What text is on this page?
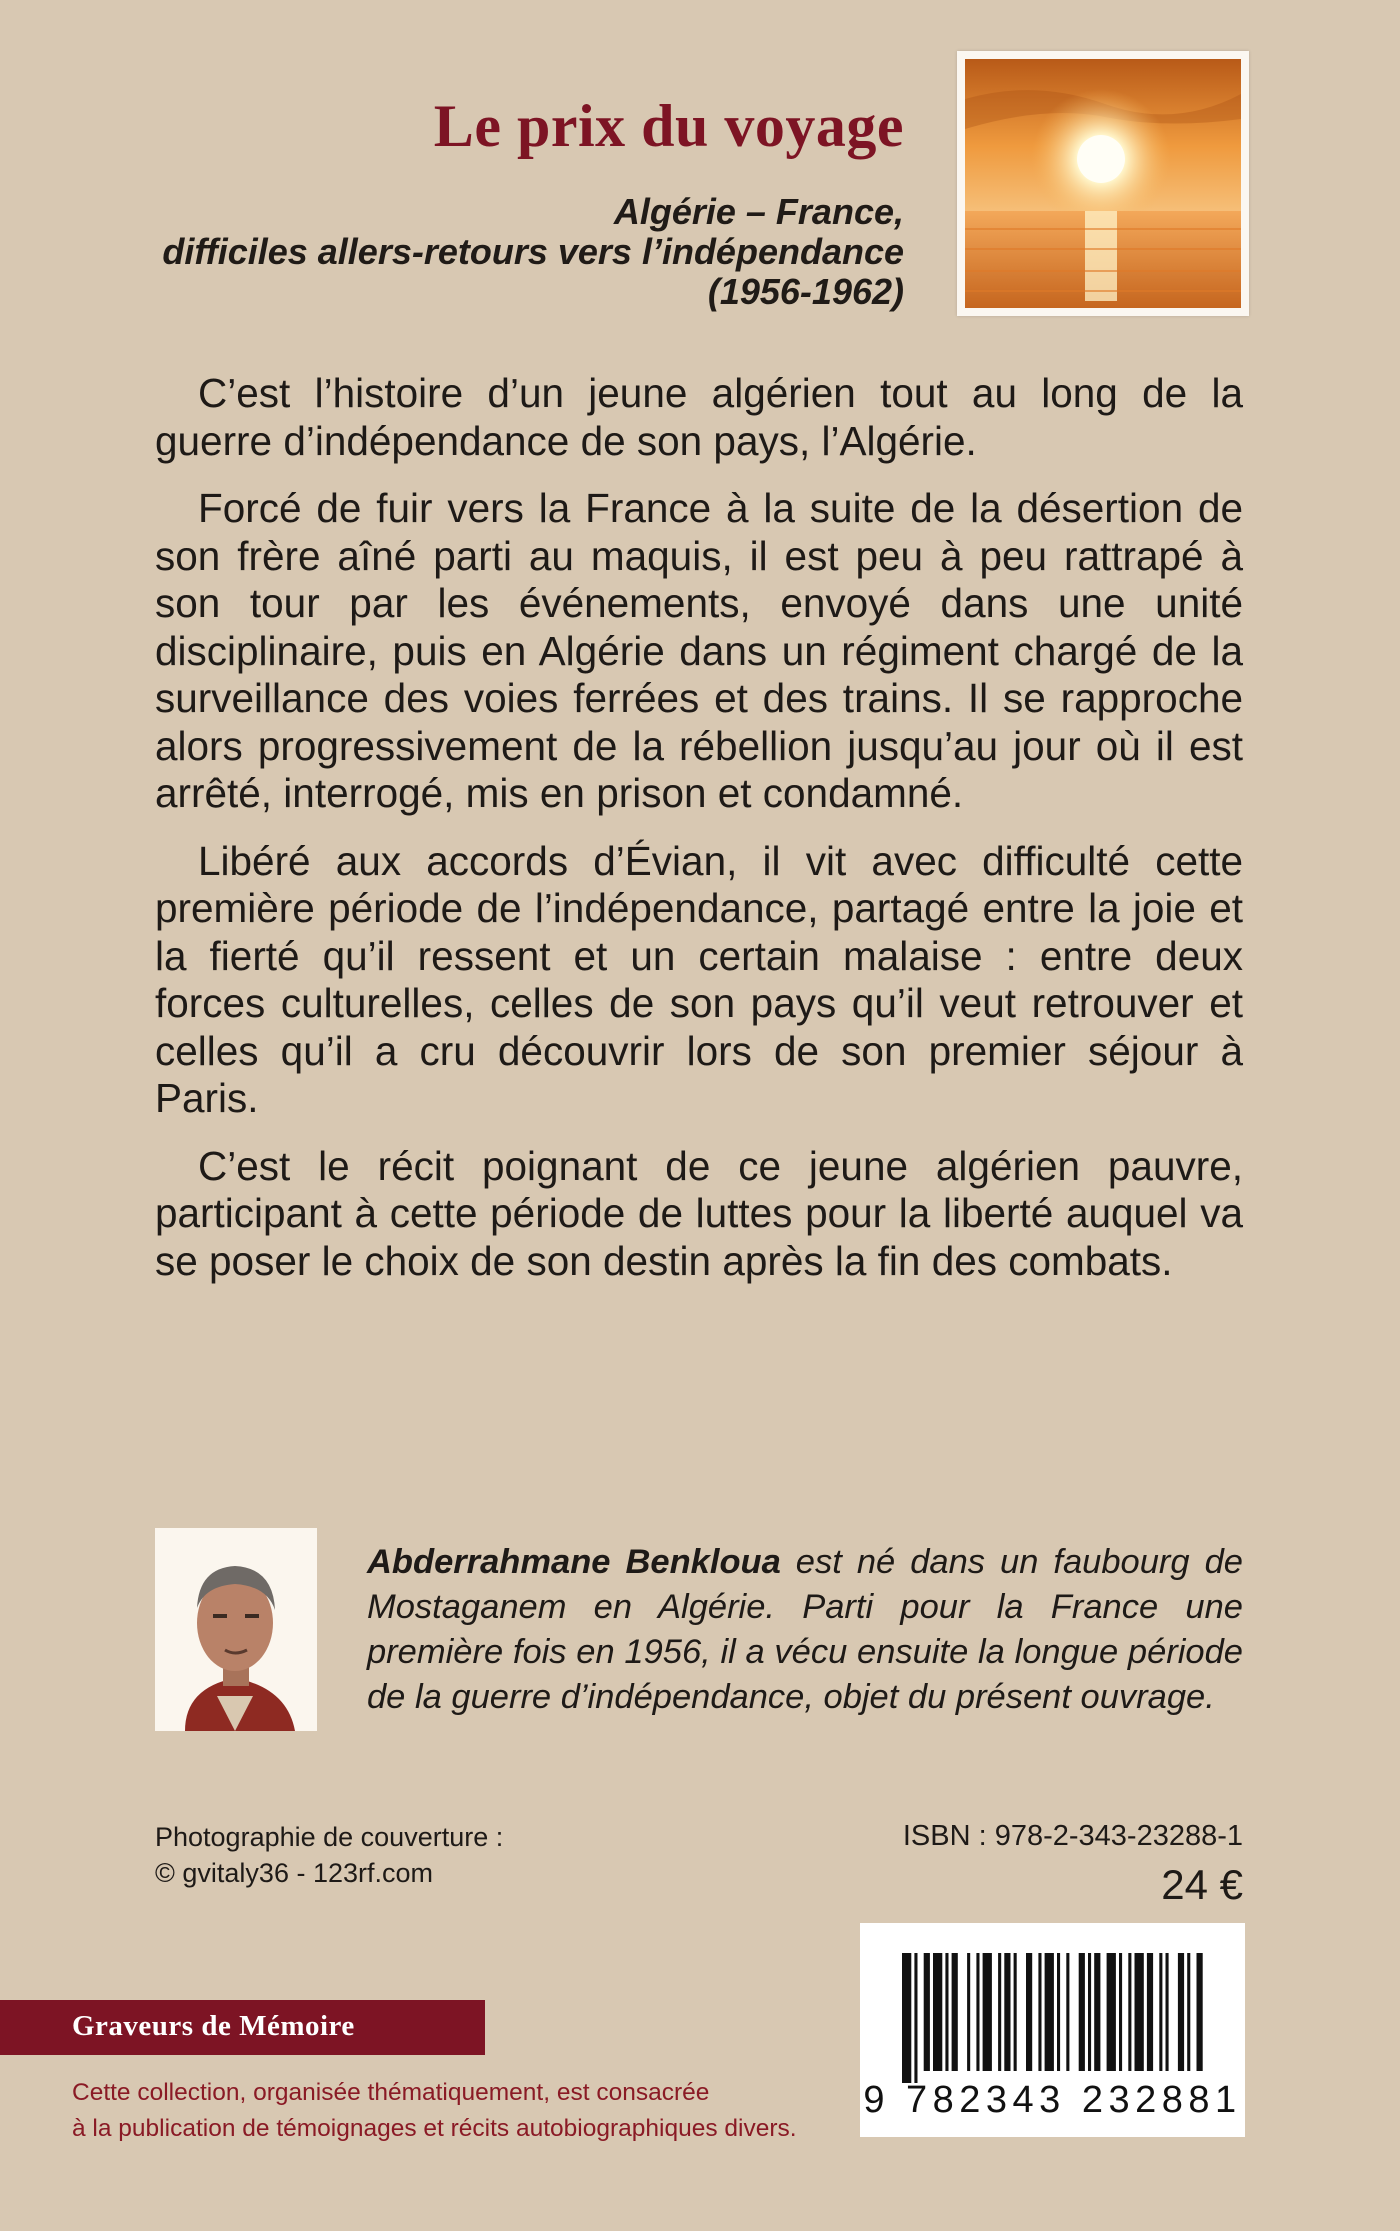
Le prix du voyage
Algérie – France,
difficiles allers-retours vers l’indépendance
(1956-1962)

C’est l’histoire d’un jeune algérien tout au long de la guerre d’indépendance de son pays, l’Algérie.

Forcé de fuir vers la France à la suite de la désertion de son frère aîné parti au maquis, il est peu à peu rattrapé à son tour par les événements, envoyé dans une unité disciplinaire, puis en Algérie dans un régiment chargé de la surveillance des voies ferrées et des trains. Il se rapproche alors progressivement de la rébellion jusqu’au jour où il est arrêté, interrogé, mis en prison et condamné.

Libéré aux accords d’Évian, il vit avec difficulté cette première période de l’indépendance, partagé entre la joie et la fierté qu’il ressent et un certain malaise : entre deux forces culturelles, celles de son pays qu’il veut retrouver et celles qu’il a cru découvrir lors de son premier séjour à Paris.

C’est le récit poignant de ce jeune algérien pauvre, participant à cette période de luttes pour la liberté auquel va se poser le choix de son destin après la fin des combats.

Abderrahmane Benkloua est né dans un faubourg de Mostaganem en Algérie. Parti pour la France une première fois en 1956, il a vécu ensuite la longue période de la guerre d’indépendance, objet du présent ouvrage.
Photographie de couverture :
© gvitaly36 - 123rf.com
ISBN : 978-2-343-23288-1
24 €
9 782343 232881
Graveurs de Mémoire
Cette collection, organisée thématiquement, est consacrée
à la publication de témoignages et récits autobiographiques divers.
